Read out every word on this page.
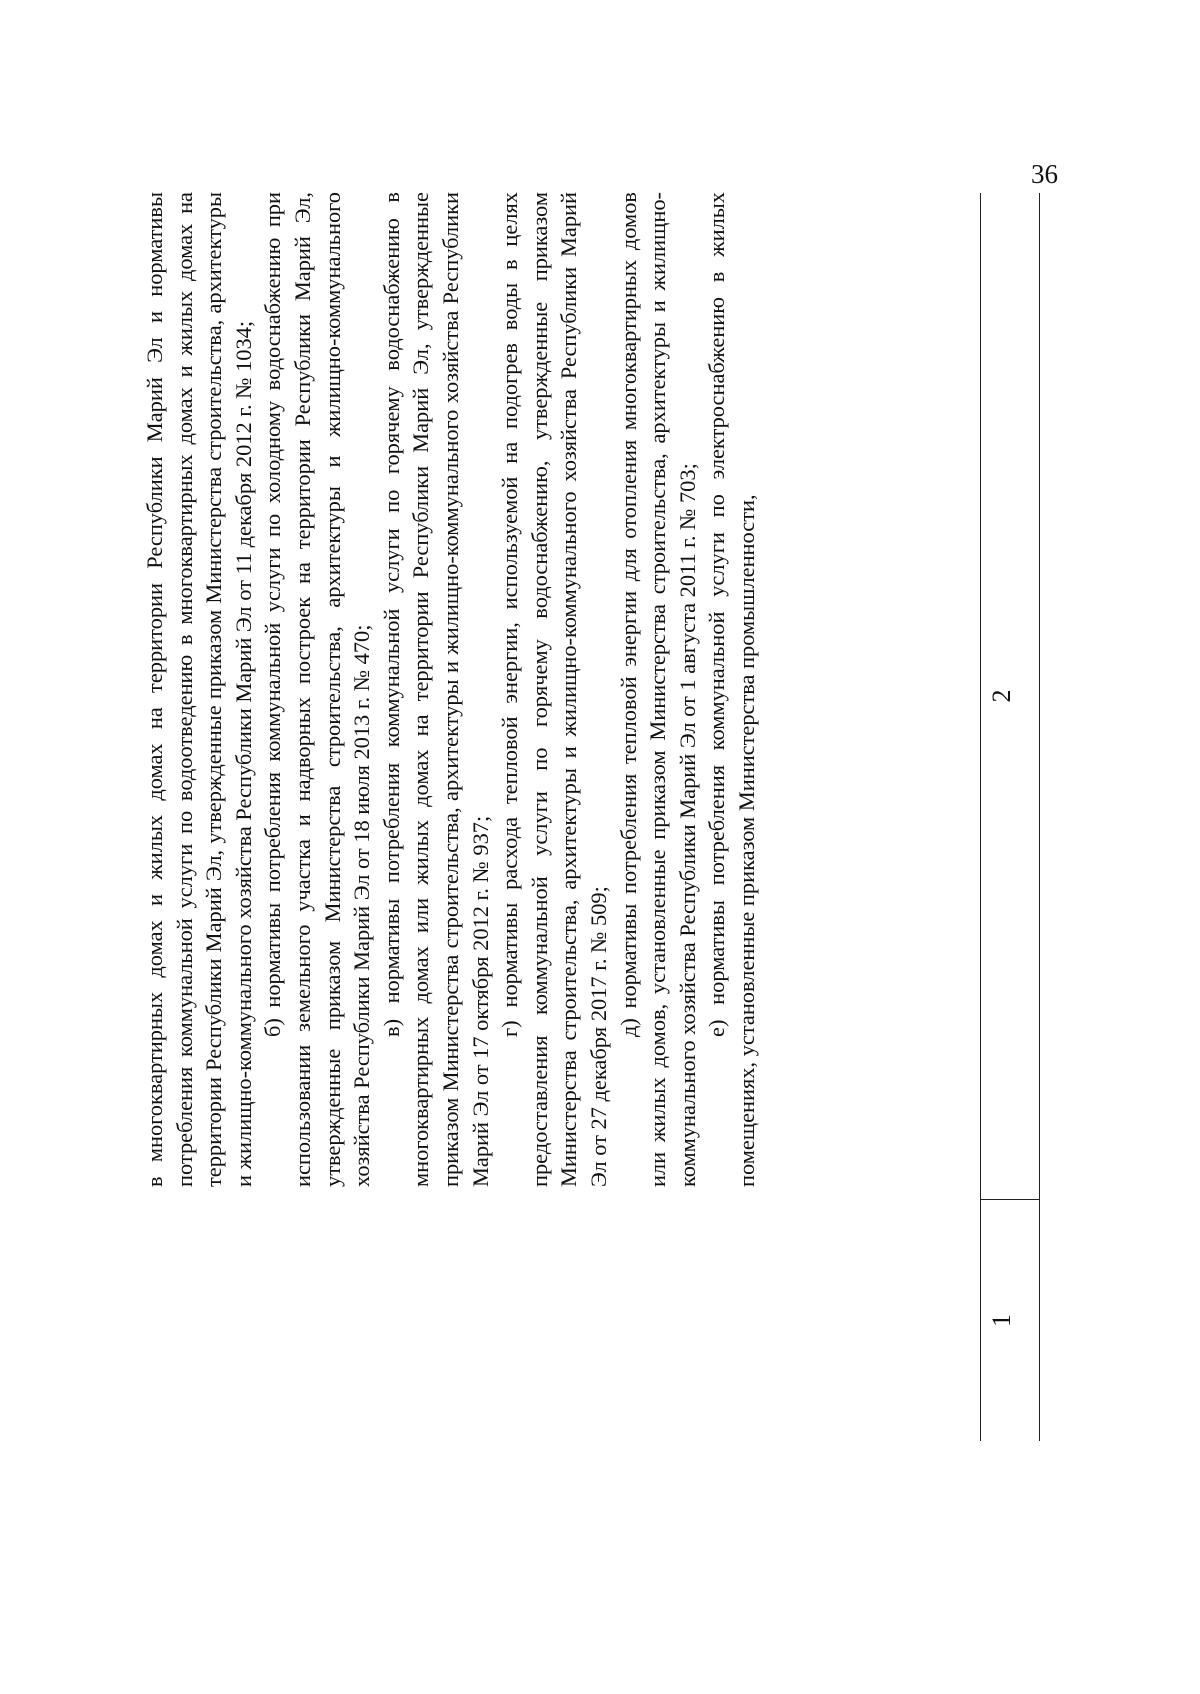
36
1
2

в многоквартирных домах и жилых домах на территории Республики Марий Эл и нормативы потребления коммунальной услуги по водоотведению в многоквартирных домах и жилых домах на территории Республики Марий Эл, утвержденные приказом Министерства строительства, архитектуры и жилищно-коммунального хозяйства Республики Марий Эл от 11 декабря 2012 г. № 1034; б) нормативы потребления коммунальной услуги по холодному водоснабжению при использовании земельного участка и надворных построек на территории Республики Марий Эл, утвержденные приказом Министерства строительства, архитектуры и жилищно-коммунального хозяйства Республики Марий Эл от 18 июля 2013 г. № 470; в) нормативы потребления коммунальной услуги по горячему водоснабжению в многоквартирных домах или жилых домах на территории Республики Марий Эл, утвержденные приказом Министерства строительства, архитектуры и жилищно-коммунального хозяйства Республики Марий Эл от 17 октября 2012 г. № 937; г) нормативы расхода тепловой энергии, используемой на подогрев воды в целях предоставления коммунальной услуги по горячему водоснабжению, утвержденные приказом Министерства строительства, архитектуры и жилищно-коммунального хозяйства Республики Марий Эл от 27 декабря 2017 г. № 509; д) нормативы потребления тепловой энергии для отопления многоквартирных домов или жилых домов, установленные приказом Министерства строительства, архитектуры и жилищно-коммунального хозяйства Республики Марий Эл от 1 августа 2011 г. № 703; е) нормативы потребления коммунальной услуги по электроснабжению в жилых помещениях, установленные приказом Министерства промышленности,
